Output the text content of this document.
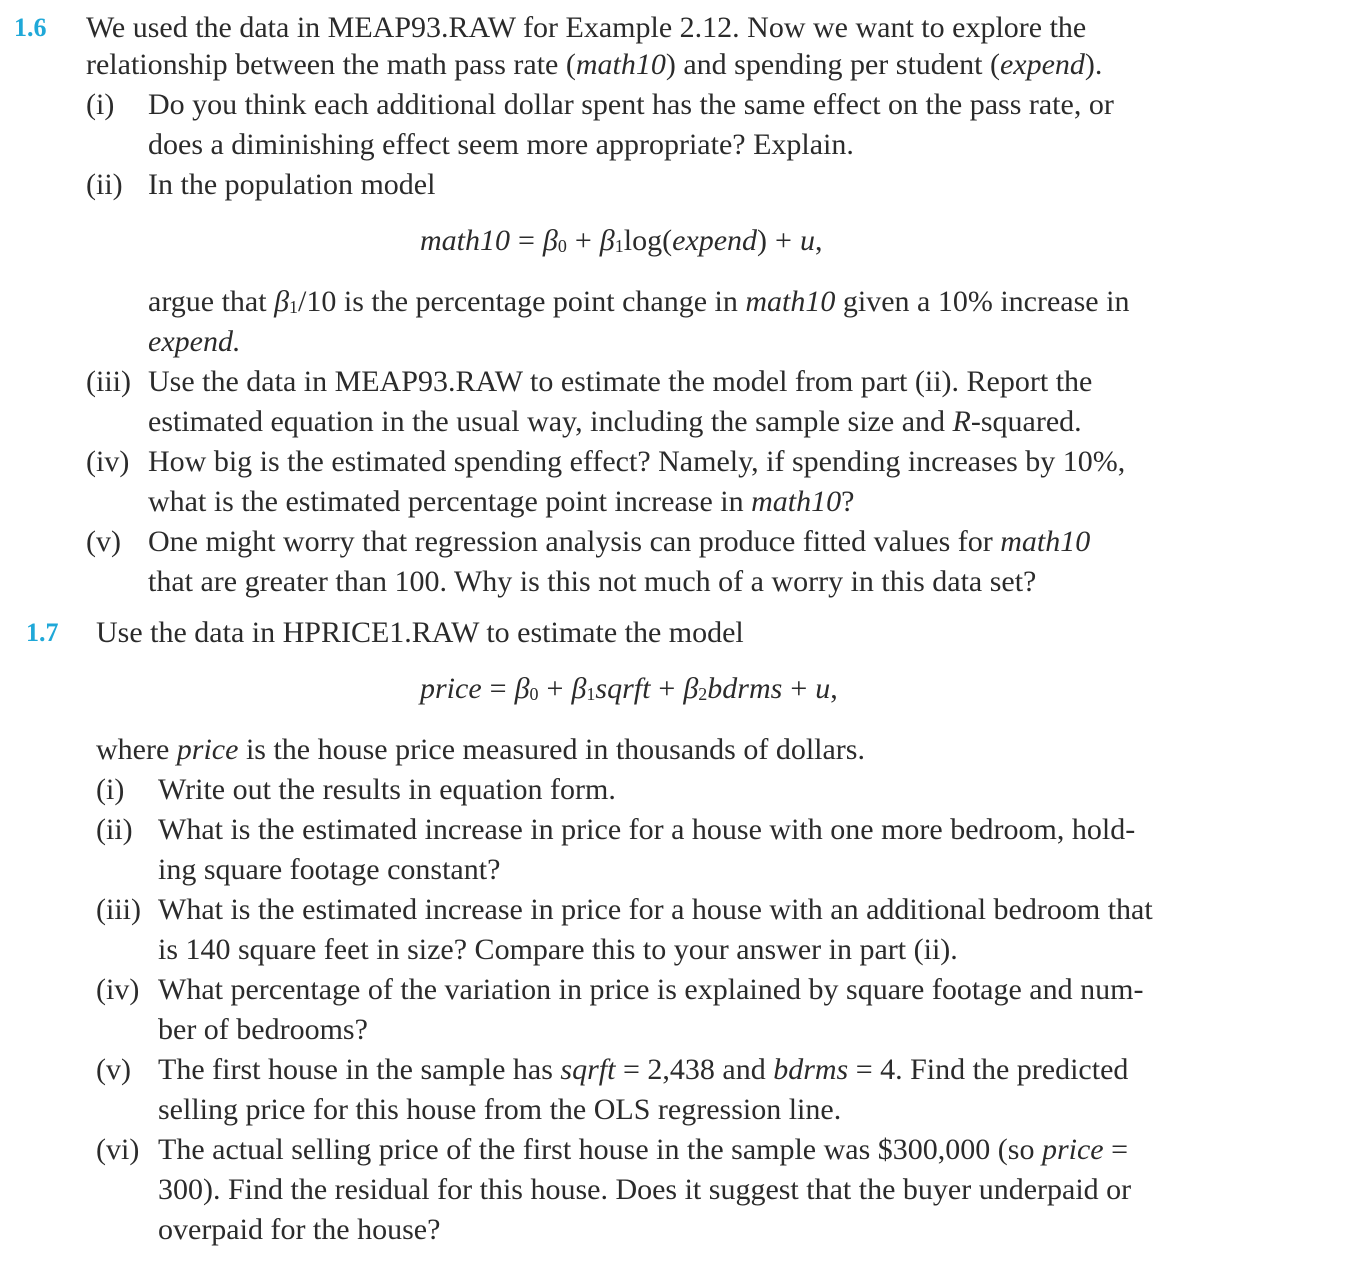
1.6 We used the data in MEAP93.RAW for Example 2.12. Now we want to explore the
relationship between the math pass rate (math10) and spending per student (expend).
(i) Do you think each additional dollar spent has the same effect on the pass rate, or
does a diminishing effect seem more appropriate? Explain.
(ii) In the population model
math10 = $\beta_0$ + $\beta_1\log(expend) + u$,
argue that $\beta_1/10$ is the percentage point change in math10 given a 10% increase in
expend.
(iii) Use the data in MEAP93.RAW to estimate the model from part (ii). Report the
estimated equation in the usual way, including the sample size and R-squared.
(iv) How big is the estimated spending effect? Namely, if spending increases by 10%,
what is the estimated percentage point increase in math10?
(v) One might worry that regression analysis can produce fitted values for math10
that are greater than 100. Why is this not much of a worry in this data set?
1.7 Use the data in HPRICE1.RAW to estimate the model
price = $\beta_0$ + $\beta_1sqrft$ + $\beta_2bdrms + u$,
where price is the house price measured in thousands of dollars.
(i) Write out the results in equation form.
(ii) What is the estimated increase in price for a house with one more bedroom, hold-
ing square footage constant?
(iii) What is the estimated increase in price for a house with an additional bedroom that
is 140 square feet in size? Compare this to your answer in part (ii).
(iv) What percentage of the variation in price is explained by square footage and num-
ber of bedrooms?
(v) The first house in the sample has sqrft = 2,438 and bdrms = 4. Find the predicted
selling price for this house from the OLS regression line.
(vi) The actual selling price of the first house in the sample was $300,000 (so price =
300). Find the residual for this house. Does it suggest that the buyer underpaid or
overpaid for the house?
